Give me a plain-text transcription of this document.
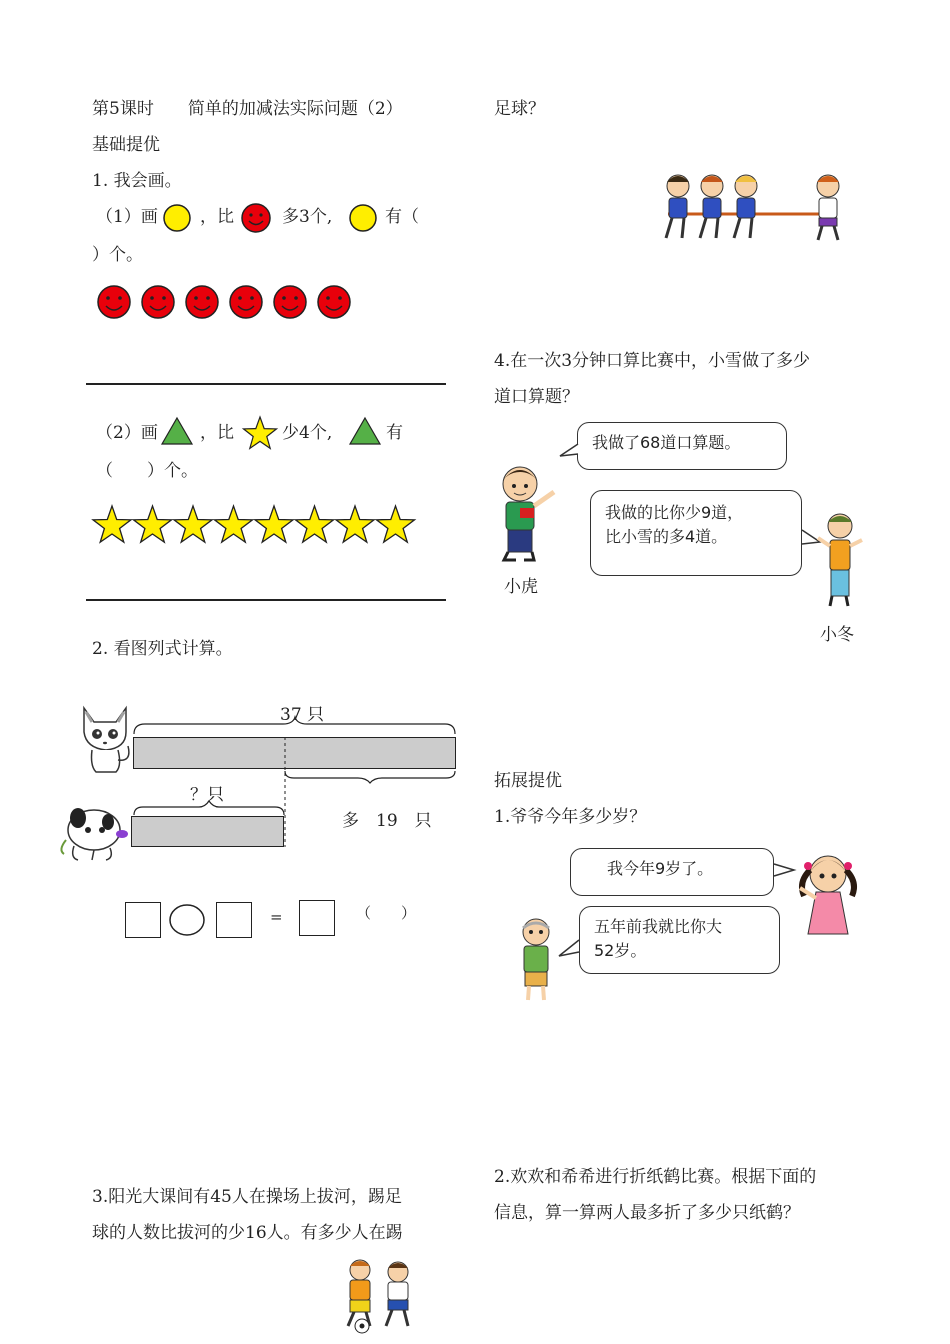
第5课时　　简单的加减法实际问题（2）
基础提优
1. 我会画。
（1）画 ，比	多3个,	有（
）个。
（2）画 ，比	少4个,	有
（　　）个。
2. 看图列式计算。
37 只
多　19　只
？只
=	（　　）
3.阳光大课间有45人在操场上拔河，踢足
球的人数比拔河的少16人。有多少人在踢
足球？
4.在一次3分钟口算比赛中，小雪做了多少
道口算题？
我做了68道口算题。
我做的比你少9道，
比小雪的多4道。
小虎
小冬
拓展提优
1.爷爷今年多少岁？
我今年9岁了。
五年前我就比你大
52岁。
2.欢欢和希希进行折纸鹤比赛。根据下面的
信息，算一算两人最多折了多少只纸鹤？
